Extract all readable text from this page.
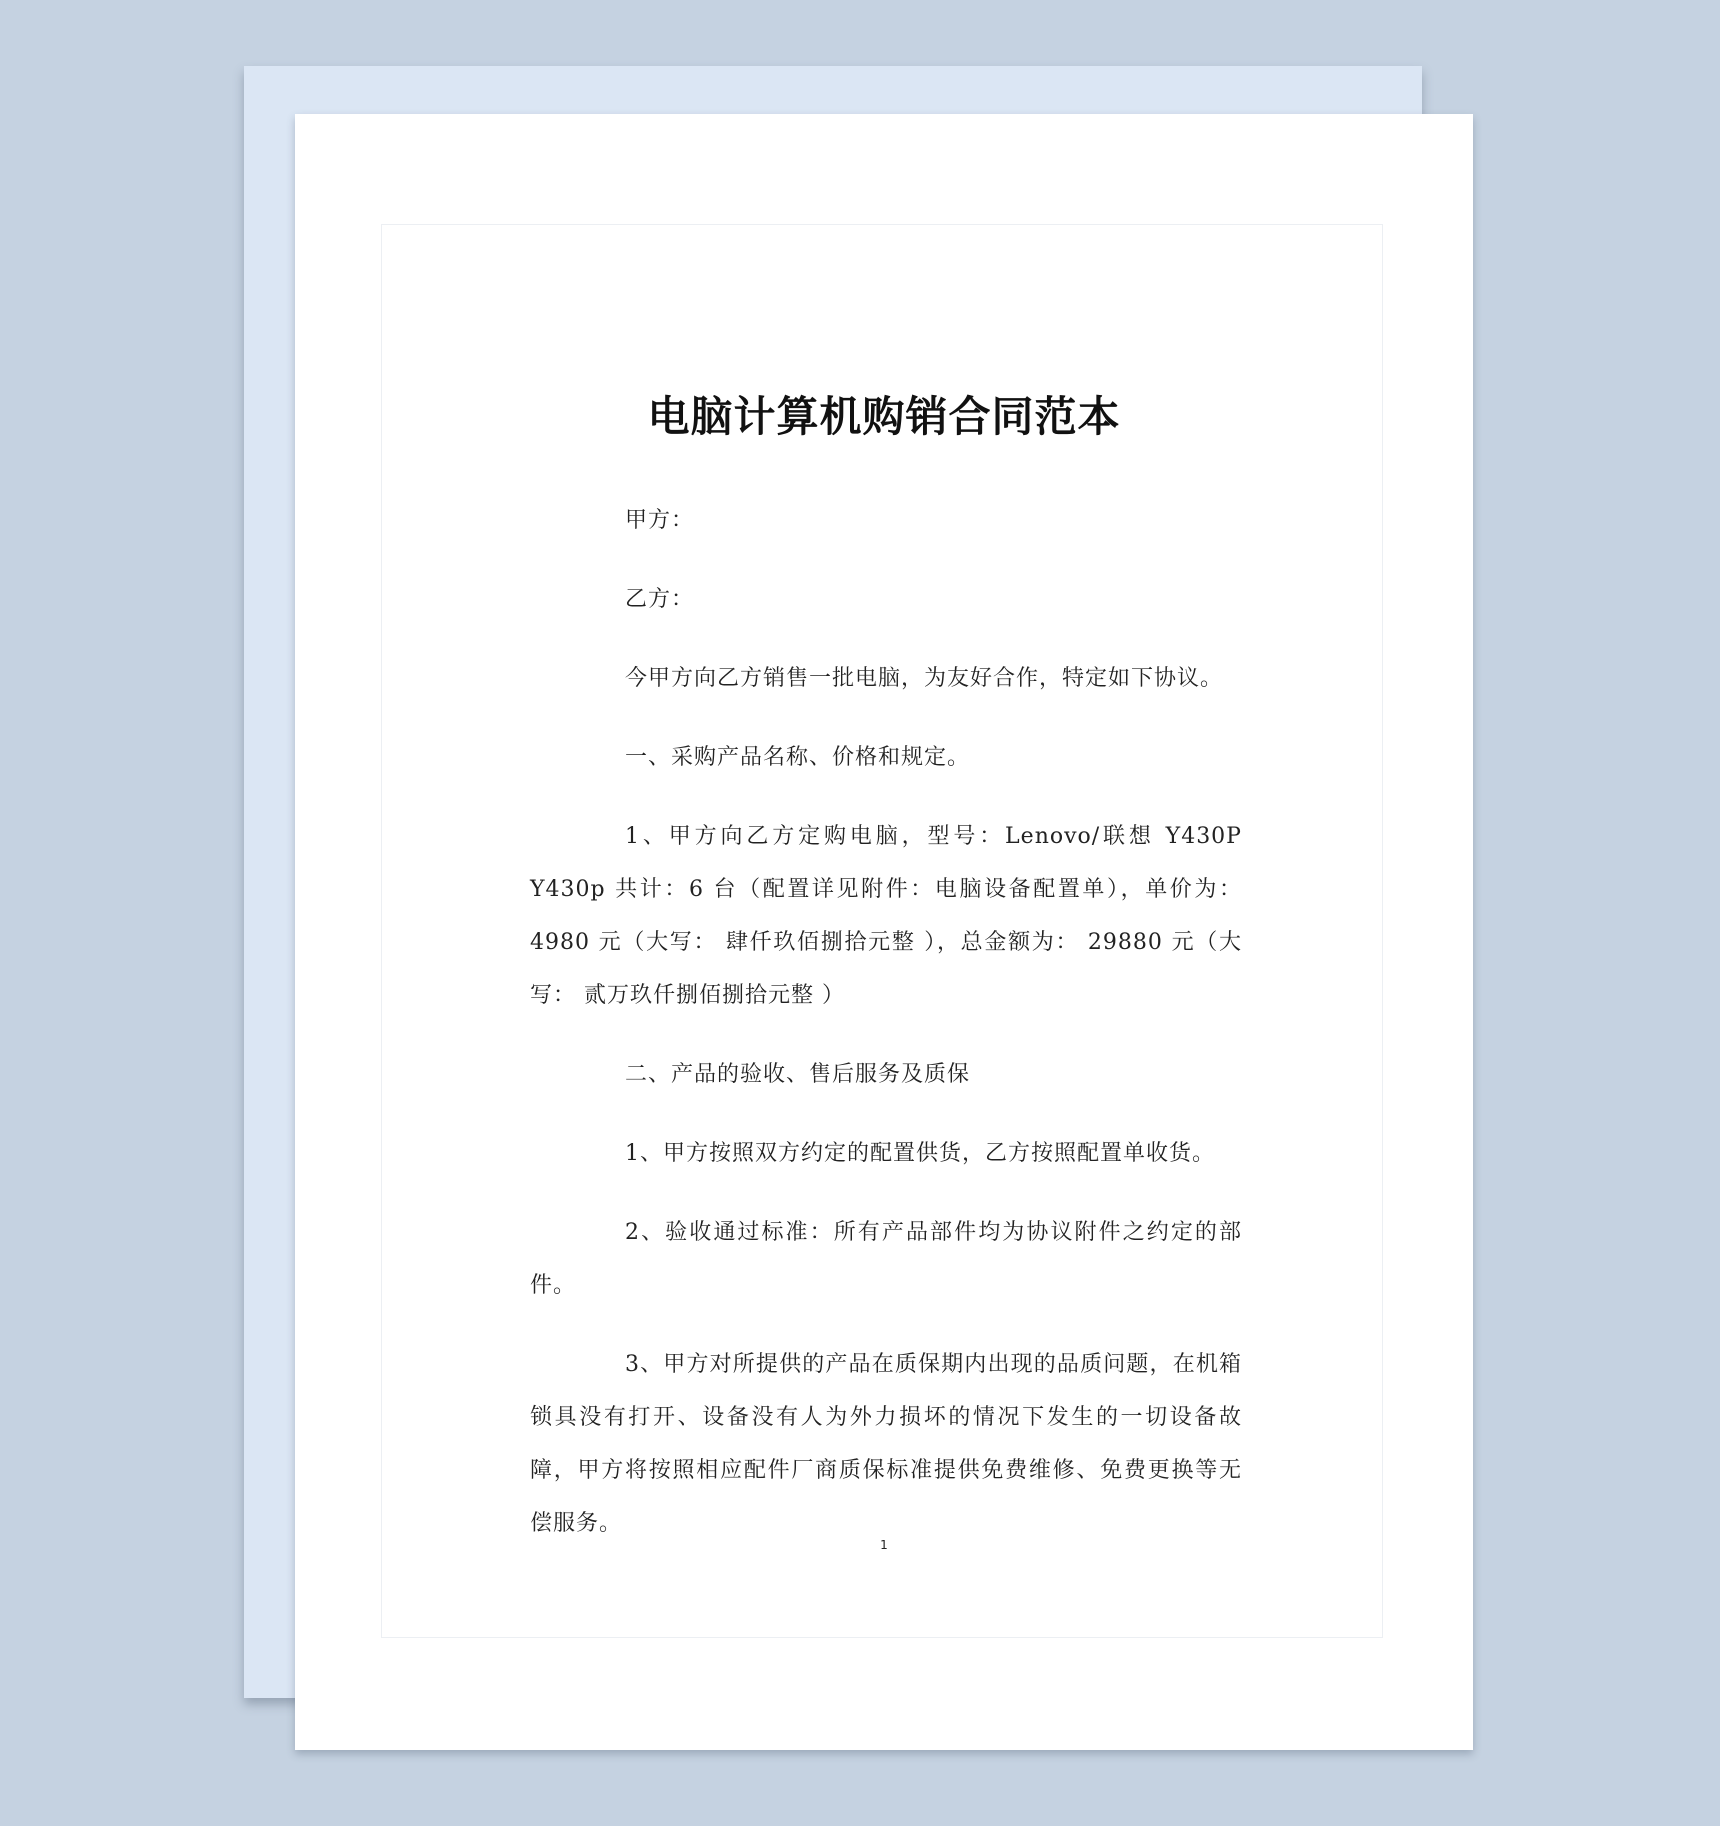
电脑计算机购销合同范本

甲方：

乙方：

今甲方向乙方销售一批电脑，为友好合作，特定如下协议。

一、采购产品名称、价格和规定。

1、甲方向乙方定购电脑，型号：Lenovo/联想 Y430P Y430p 共计：6 台（配置详见附件：电脑设备配置单），单价为： 4980 元（大写： 肆仟玖佰捌拾元整 ），总金额为： 29880 元（大写： 贰万玖仟捌佰捌拾元整 ）

二、产品的验收、售后服务及质保

1、甲方按照双方约定的配置供货，乙方按照配置单收货。

2、验收通过标准：所有产品部件均为协议附件之约定的部件。

3、甲方对所提供的产品在质保期内出现的品质问题，在机箱锁具没有打开、设备没有人为外力损坏的情况下发生的一切设备故障，甲方将按照相应配件厂商质保标准提供免费维修、免费更换等无偿服务。

1
